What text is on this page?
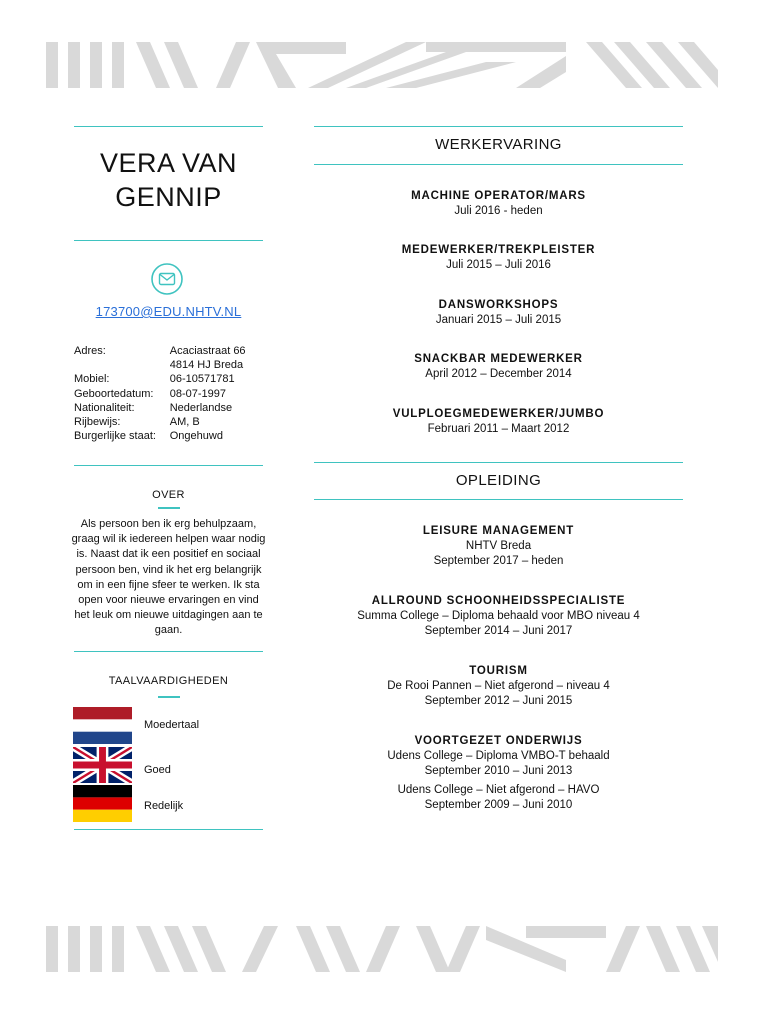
VERA VAN
GENNIP
173700@EDU.NHTV.NL
Adres:	Acaciastraat 66
4814 HJ Breda
Mobiel:	06-10571781
Geboortedatum:	08-07-1997
Nationaliteit:	Nederlandse
Rijbewijs:	AM, B
Burgerlijke staat:	Ongehuwd
OVER
Als persoon ben ik erg behulpzaam, graag wil ik iedereen helpen waar nodig is. Naast dat ik een positief en sociaal persoon ben, vind ik het erg belangrijk om in een fijne sfeer te werken. Ik sta open voor nieuwe ervaringen en vind het leuk om nieuwe uitdagingen aan te gaan.
TAALVAARDIGHEDEN
Moedertaal
Goed
Redelijk
WERKERVARING
MACHINE OPERATOR/MARS
Juli 2016 - heden
MEDEWERKER/TREKPLEISTER
Juli 2015 – Juli 2016
DANSWORKSHOPS
Januari 2015 – Juli 2015
SNACKBAR MEDEWERKER
April 2012 – December 2014
VULPLOEGMEDEWERKER/JUMBO
Februari 2011 – Maart 2012
OPLEIDING
LEISURE MANAGEMENT
NHTV Breda
September 2017 – heden
ALLROUND SCHOONHEIDSSPECIALISTE
Summa College – Diploma behaald voor MBO niveau 4
September 2014 – Juni 2017
TOURISM
De Rooi Pannen – Niet afgerond – niveau 4
September 2012 – Juni 2015
VOORTGEZET ONDERWIJS
Udens College – Diploma VMBO-T behaald
September 2010 – Juni 2013
Udens College – Niet afgerond – HAVO
September 2009 – Juni 2010
